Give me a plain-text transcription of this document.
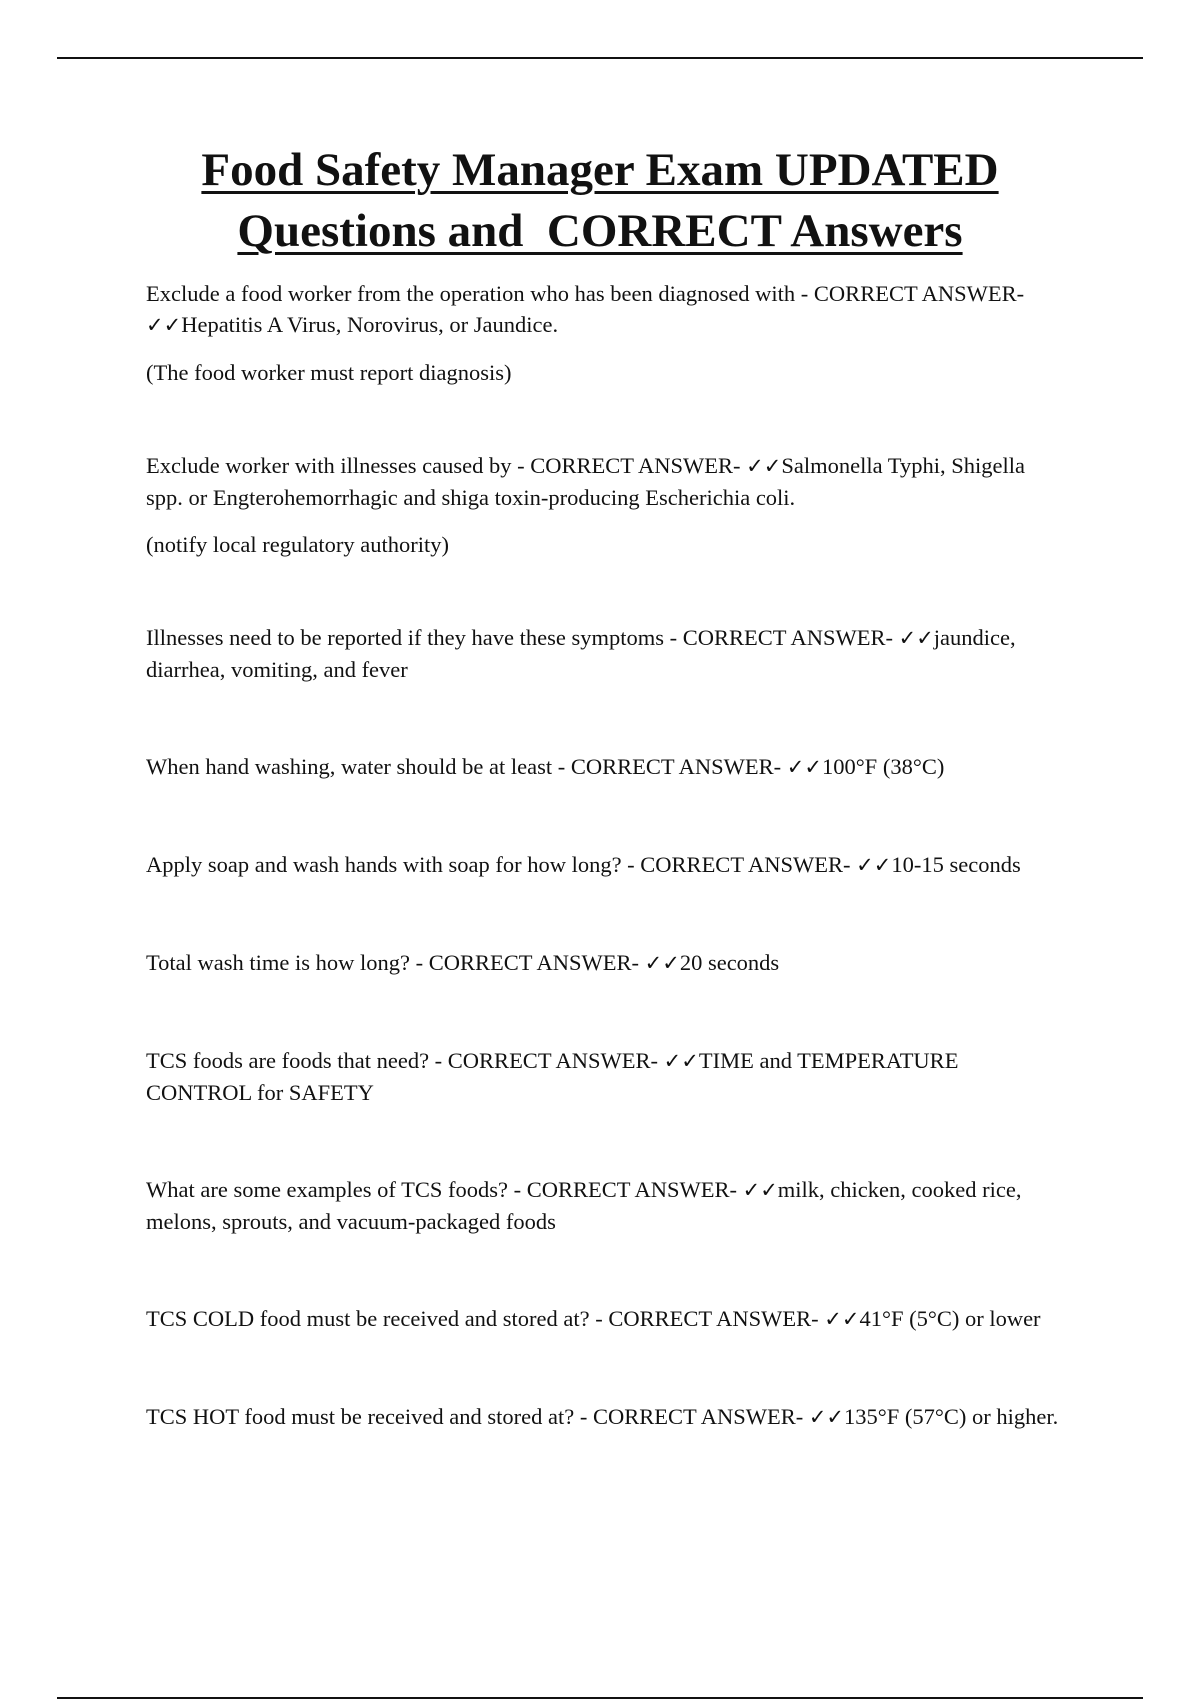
Food Safety Manager Exam UPDATED
Questions and  CORRECT Answers

Exclude a food worker from the operation who has been diagnosed with - CORRECT ANSWER- ✓✓Hepatitis A Virus, Norovirus, or Jaundice.

(The food worker must report diagnosis)

Exclude worker with illnesses caused by - CORRECT ANSWER- ✓✓Salmonella Typhi, Shigella spp. or Engterohemorrhagic and shiga toxin-producing Escherichia coli.

(notify local regulatory authority)

Illnesses need to be reported if they have these symptoms - CORRECT ANSWER- ✓✓jaundice, diarrhea, vomiting, and fever

When hand washing, water should be at least - CORRECT ANSWER- ✓✓100°F (38°C)

Apply soap and wash hands with soap for how long? - CORRECT ANSWER- ✓✓10-15 seconds

Total wash time is how long? - CORRECT ANSWER- ✓✓20 seconds

TCS foods are foods that need? - CORRECT ANSWER- ✓✓TIME and TEMPERATURE CONTROL for SAFETY

What are some examples of TCS foods? - CORRECT ANSWER- ✓✓milk, chicken, cooked rice, melons, sprouts, and vacuum-packaged foods

TCS COLD food must be received and stored at? - CORRECT ANSWER- ✓✓41°F (5°C) or lower

TCS HOT food must be received and stored at? - CORRECT ANSWER- ✓✓135°F (57°C) or higher.
